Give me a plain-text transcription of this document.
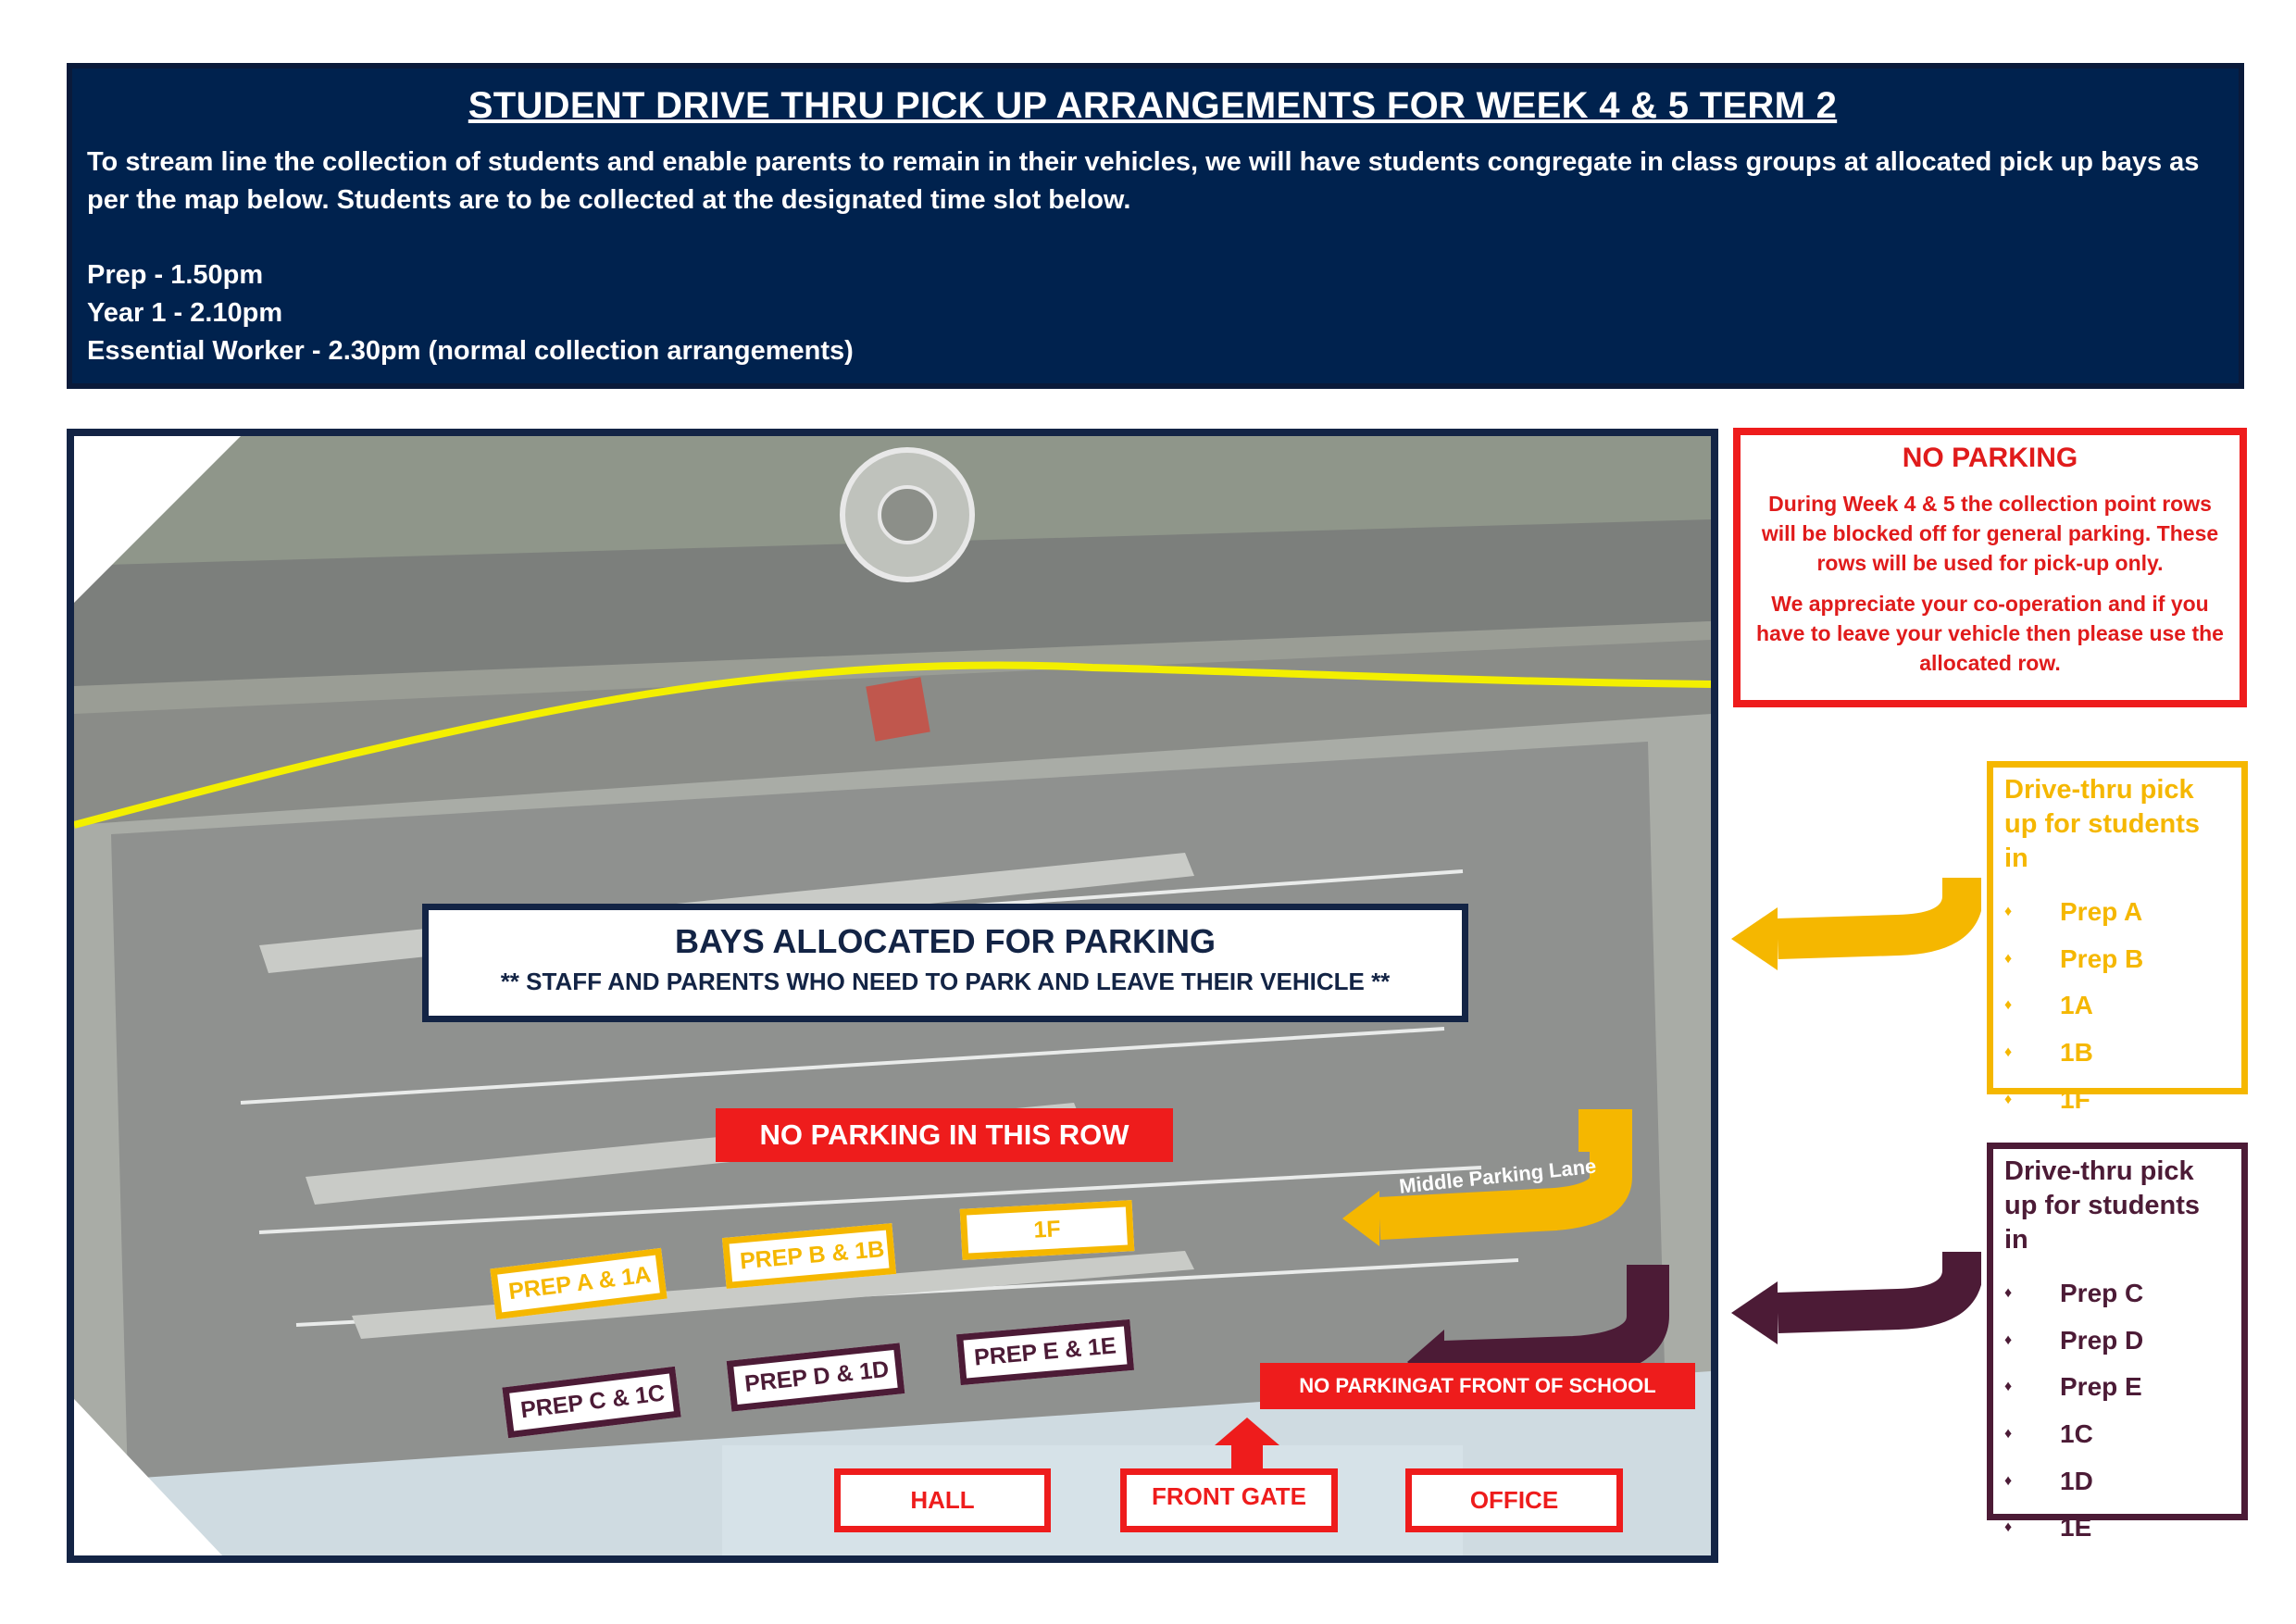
STUDENT DRIVE THRU PICK UP ARRANGEMENTS FOR WEEK 4 & 5 TERM 2
To stream line the collection of students and enable parents to remain in their vehicles, we will have students congregate in class groups at allocated pick up bays as per the map below. Students are to be collected at the designated time slot below.
Prep - 1.50pm
Year 1 - 2.10pm
Essential Worker - 2.30pm (normal collection arrangements)
BAYS ALLOCATED FOR PARKING
** STAFF AND PARENTS WHO NEED TO PARK AND LEAVE THEIR VEHICLE **
NO PARKING IN THIS ROW
Middle Parking Lane
PREP A & 1A
PREP B & 1B
1F
PREP C & 1C
PREP D & 1D
PREP E & 1E
NO PARKINGAT FRONT OF SCHOOL
HALL	FRONT GATE	OFFICE
NO PARKING

During Week 4 & 5 the collection point rows will be blocked off for general parking. These rows will be used for pick-up only.

We appreciate your co-operation and if you have to leave your vehicle then please use the allocated row.

Drive-thru pick up for students in
♦	Prep A
♦	Prep B
♦	1A
♦	1B
♦	1F
Drive-thru pick up for students in
♦	Prep C
♦	Prep D
♦	Prep E
♦	1C
♦	1D
♦	1E
